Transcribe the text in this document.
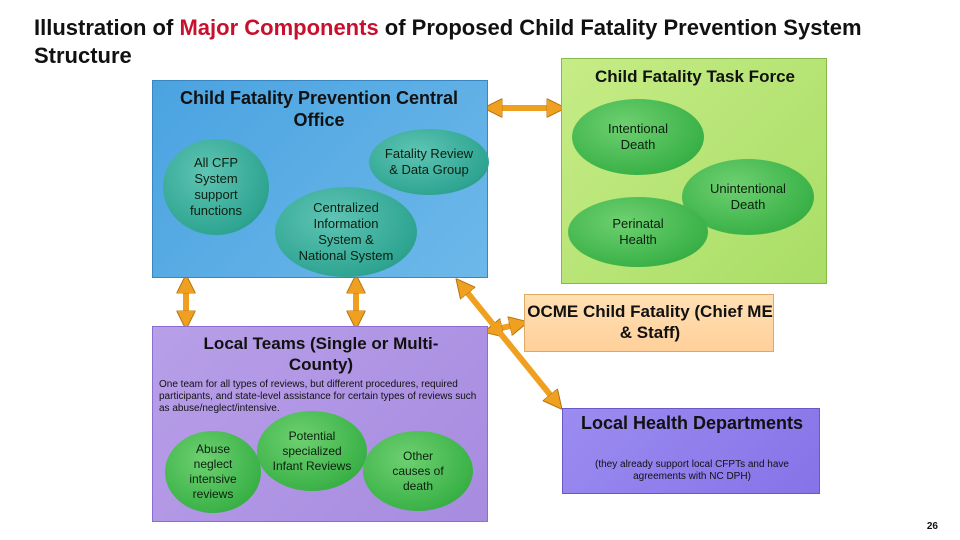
Illustration of Major Components of Proposed Child Fatality Prevention System Structure
Child Fatality Prevention Central Office
All CFP System support functions
Fatality Review & Data Group
Centralized Information System & National System
Child Fatality Task Force
Intentional Death
Unintentional Death
Perinatal Health
Local Teams (Single or Multi-County)
One team for all types of reviews, but different procedures, required participants, and state-level assistance for certain types of reviews such as abuse/neglect/intensive.
Potential specialized Infant Reviews
Abuse neglect intensive reviews
Other causes of death
OCME Child Fatality (Chief ME & Staff)
Local Health Departments
(they already support local CFPTs and have agreements with NC DPH)
26
